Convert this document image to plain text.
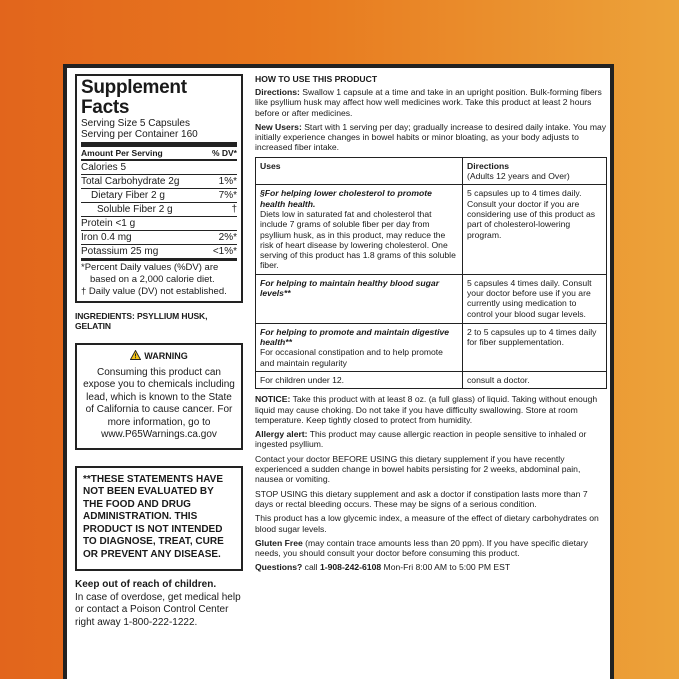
Supplement Facts
Serving Size 5 Capsules
Serving per Container 160
Amount Per Serving	% DV*
Calories 5
Total Carbohydrate 2g	1%*
Dietary Fiber 2 g	7%*
Soluble Fiber 2 g	†
Protein <1 g
Iron 0.4 mg	2%*
Potassium 25 mg	<1%*
*Percent Daily values (%DV) are based on a 2,000 calorie diet.
† Daily value (DV) not established.
INGREDIENTS: PSYLLIUM HUSK, GELATIN
WARNING
Consuming this product can expose you to chemicals including lead, which is known to the State of California to cause cancer. For more information, go to www.P65Warnings.ca.gov
**THESE STATEMENTS HAVE NOT BEEN EVALUATED BY THE FOOD AND DRUG ADMINISTRATION. THIS PRODUCT IS NOT INTENDED TO DIAGNOSE, TREAT, CURE OR PREVENT ANY DISEASE.
Keep out of reach of children.
In case of overdose, get medical help or contact a Poison Control Center right away 1-800-222-1222.
HOW TO USE THIS PRODUCT

Directions: Swallow 1 capsule at a time and take in an upright position. Bulk-forming fibers like psyllium husk may affect how well medicines work. Take this product at least 2 hours before or after medicines.

New Users: Start with 1 serving per day; gradually increase to desired daily intake. You may initially experience changes in bowel habits or minor bloating, as your body adjusts to increased fiber intake.

Uses	Directions
(Adults 12 years and Over)

§For helping lower cholesterol to promote health health.
Diets low in saturated fat and cholesterol that include 7 grams of soluble fiber per day from psyllium husk, as in this product, may reduce the risk of heart disease by lowering cholesterol. One serving of this product has 1.8 grams of this soluble fiber.	5 capsules up to 4 times daily. Consult your doctor if you are considering use of this product as part of cholesterol-lowering program.

For helping to maintain healthy blood sugar levels**	5 capsules 4 times daily. Consult your doctor before use if you are currently using medication to control your blood sugar levels.

For helping to promote and maintain digestive health**
For occasional constipation and to help promote and maintain regularity	2 to 5 capsules up to 4 times daily for fiber supplementation.
For children under 12.	consult a doctor.

NOTICE: Take this product with at least 8 oz. (a full glass) of liquid. Taking without enough liquid may cause choking. Do not take if you have difficulty swallowing. Store at room temperature. Keep tightly closed to protect from humidity.

Allergy alert: This product may cause allergic reaction in people sensitive to inhaled or ingested psyllium.

Contact your doctor BEFORE USING this dietary supplement if you have recently experienced a sudden change in bowel habits persisting for 2 weeks, abdominal pain, nausea or vomiting.

STOP USING this dietary supplement and ask a doctor if constipation lasts more than 7 days or rectal bleeding occurs. These may be signs of a serious condition.

This product has a low glycemic index, a measure of the effect of dietary carbohydrates on blood sugar levels.

Gluten Free (may contain trace amounts less than 20 ppm). If you have specific dietary needs, you should consult your doctor before consuming this product.

Questions? call 1-908-242-6108 Mon-Fri 8:00 AM to 5:00 PM EST
